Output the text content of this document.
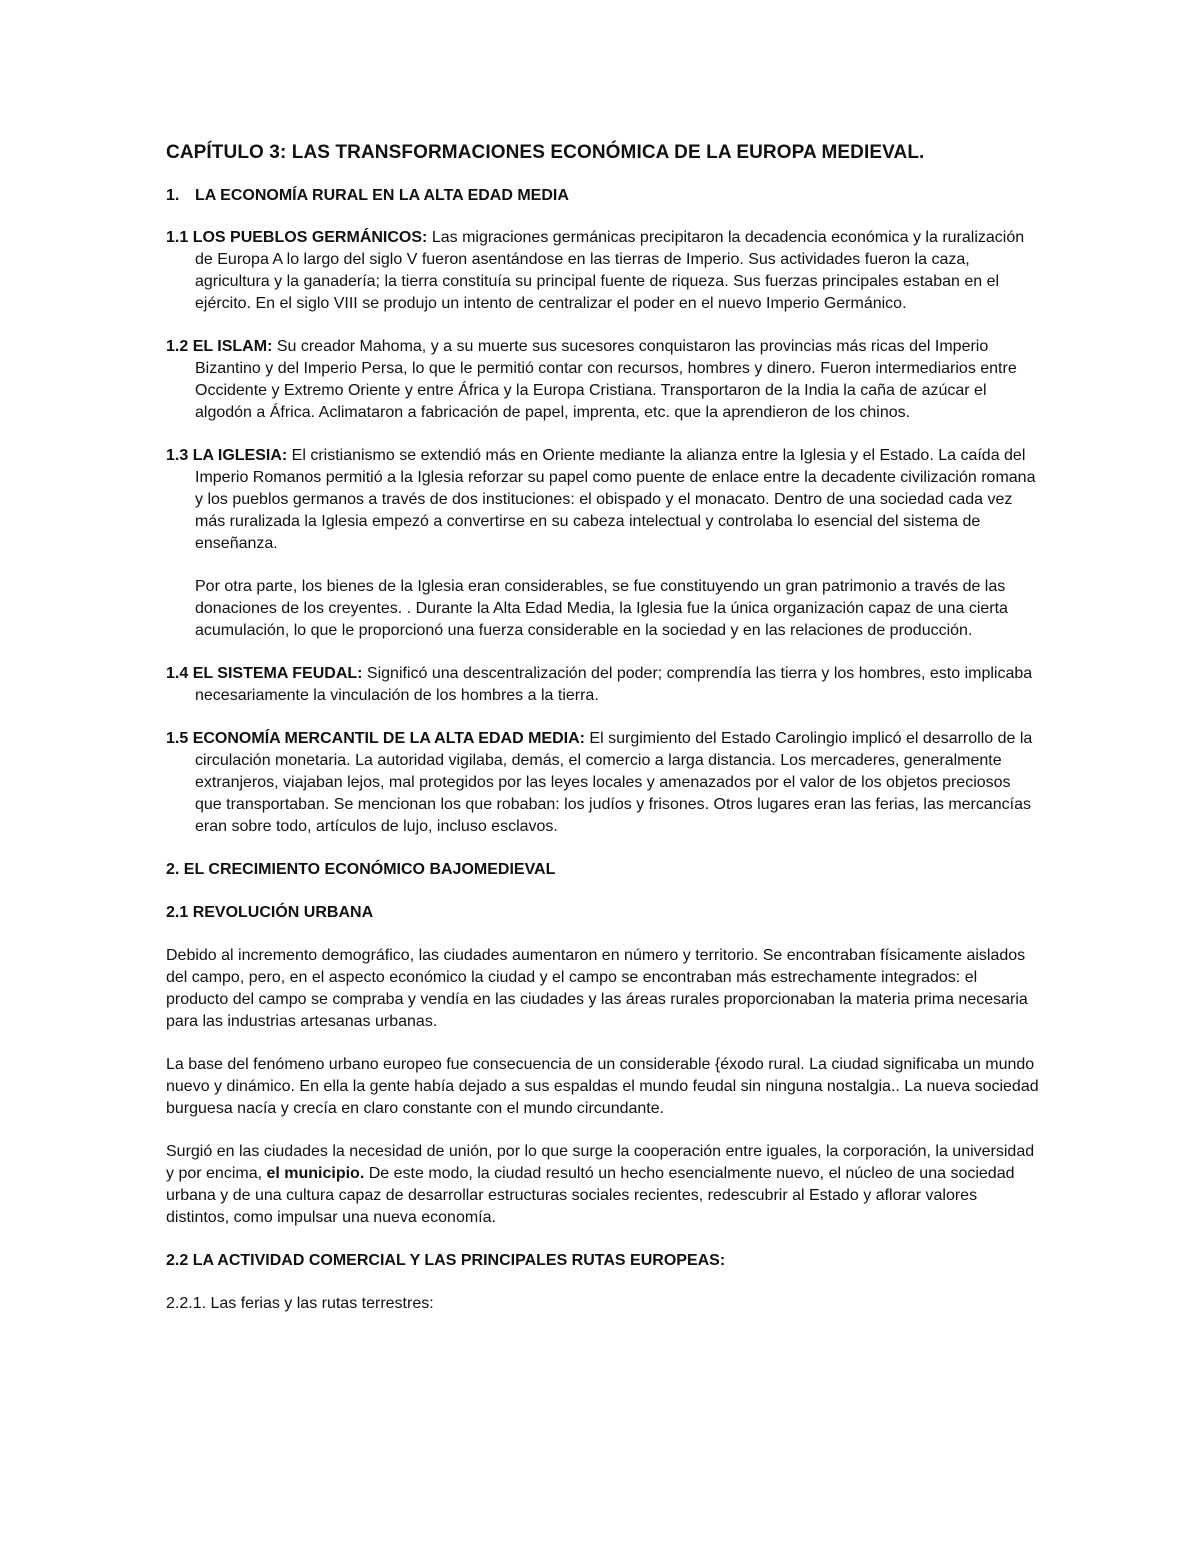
CAPÍTULO 3: LAS TRANSFORMACIONES ECONÓMICA DE LA EUROPA MEDIEVAL.
1. LA ECONOMÍA RURAL EN LA ALTA EDAD MEDIA

1.1 LOS PUEBLOS GERMÁNICOS: Las migraciones germánicas precipitaron la decadencia económica y la ruralización de Europa A lo largo del siglo V fueron asentándose en las tierras de Imperio. Sus actividades fueron la caza, agricultura y la ganadería; la tierra constituía su principal fuente de riqueza. Sus fuerzas principales estaban en el ejército. En el siglo VIII se produjo un intento de centralizar el poder en el nuevo Imperio Germánico.

1.2 EL ISLAM: Su creador Mahoma, y a su muerte sus sucesores conquistaron las provincias más ricas del Imperio Bizantino y del Imperio Persa, lo que le permitió contar con recursos, hombres y dinero. Fueron intermediarios entre Occidente y Extremo Oriente y entre África y la Europa Cristiana. Transportaron de la India la caña de azúcar el algodón a África. Aclimataron a fabricación de papel, imprenta, etc. que la aprendieron de los chinos.

1.3 LA IGLESIA: El cristianismo se extendió más en Oriente mediante la alianza entre la Iglesia y el Estado. La caída del Imperio Romanos permitió a la Iglesia reforzar su papel como puente de enlace entre la decadente civilización romana y los pueblos germanos a través de dos instituciones: el obispado y el monacato. Dentro de una sociedad cada vez más ruralizada la Iglesia empezó a convertirse en su cabeza intelectual y controlaba lo esencial del sistema de enseñanza.

Por otra parte, los bienes de la Iglesia eran considerables, se fue constituyendo un gran patrimonio a través de las donaciones de los creyentes. . Durante la Alta Edad Media, la Iglesia fue la única organización capaz de una cierta acumulación, lo que le proporcionó una fuerza considerable en la sociedad y en las relaciones de producción.

1.4 EL SISTEMA FEUDAL: Significó una descentralización del poder; comprendía las tierra y los hombres, esto implicaba necesariamente la vinculación de los hombres a la tierra.

1.5 ECONOMÍA MERCANTIL DE LA ALTA EDAD MEDIA: El surgimiento del Estado Carolingio implicó el desarrollo de la circulación monetaria. La autoridad vigilaba, demás, el comercio a larga distancia. Los mercaderes, generalmente extranjeros, viajaban lejos, mal protegidos por las leyes locales y amenazados por el valor de los objetos preciosos que transportaban. Se mencionan los que robaban: los judíos y frisones. Otros lugares eran las ferias, las mercancías eran sobre todo, artículos de lujo, incluso esclavos.

2. EL CRECIMIENTO ECONÓMICO BAJOMEDIEVAL

2.1 REVOLUCIÓN URBANA

Debido al incremento demográfico, las ciudades aumentaron en número y territorio. Se encontraban físicamente aislados del campo, pero, en el aspecto económico la ciudad y el campo se encontraban más estrechamente integrados: el producto del campo se compraba y vendía en las ciudades y las áreas rurales proporcionaban la materia prima necesaria para las industrias artesanas urbanas.

La base del fenómeno urbano europeo fue consecuencia de un considerable {éxodo rural. La ciudad significaba un mundo nuevo y dinámico. En ella la gente había dejado a sus espaldas el mundo feudal sin ninguna nostalgia.. La nueva sociedad burguesa nacía y crecía en claro constante con el mundo circundante.

Surgió en las ciudades la necesidad de unión, por lo que surge la cooperación entre iguales, la corporación, la universidad y por encima, el municipio. De este modo, la ciudad resultó un hecho esencialmente nuevo, el núcleo de una sociedad urbana y de una cultura capaz de desarrollar estructuras sociales recientes, redescubrir al Estado y aflorar valores distintos, como impulsar una nueva economía.

2.2 LA ACTIVIDAD COMERCIAL Y LAS PRINCIPALES RUTAS EUROPEAS:

2.2.1. Las ferias y las rutas terrestres:
